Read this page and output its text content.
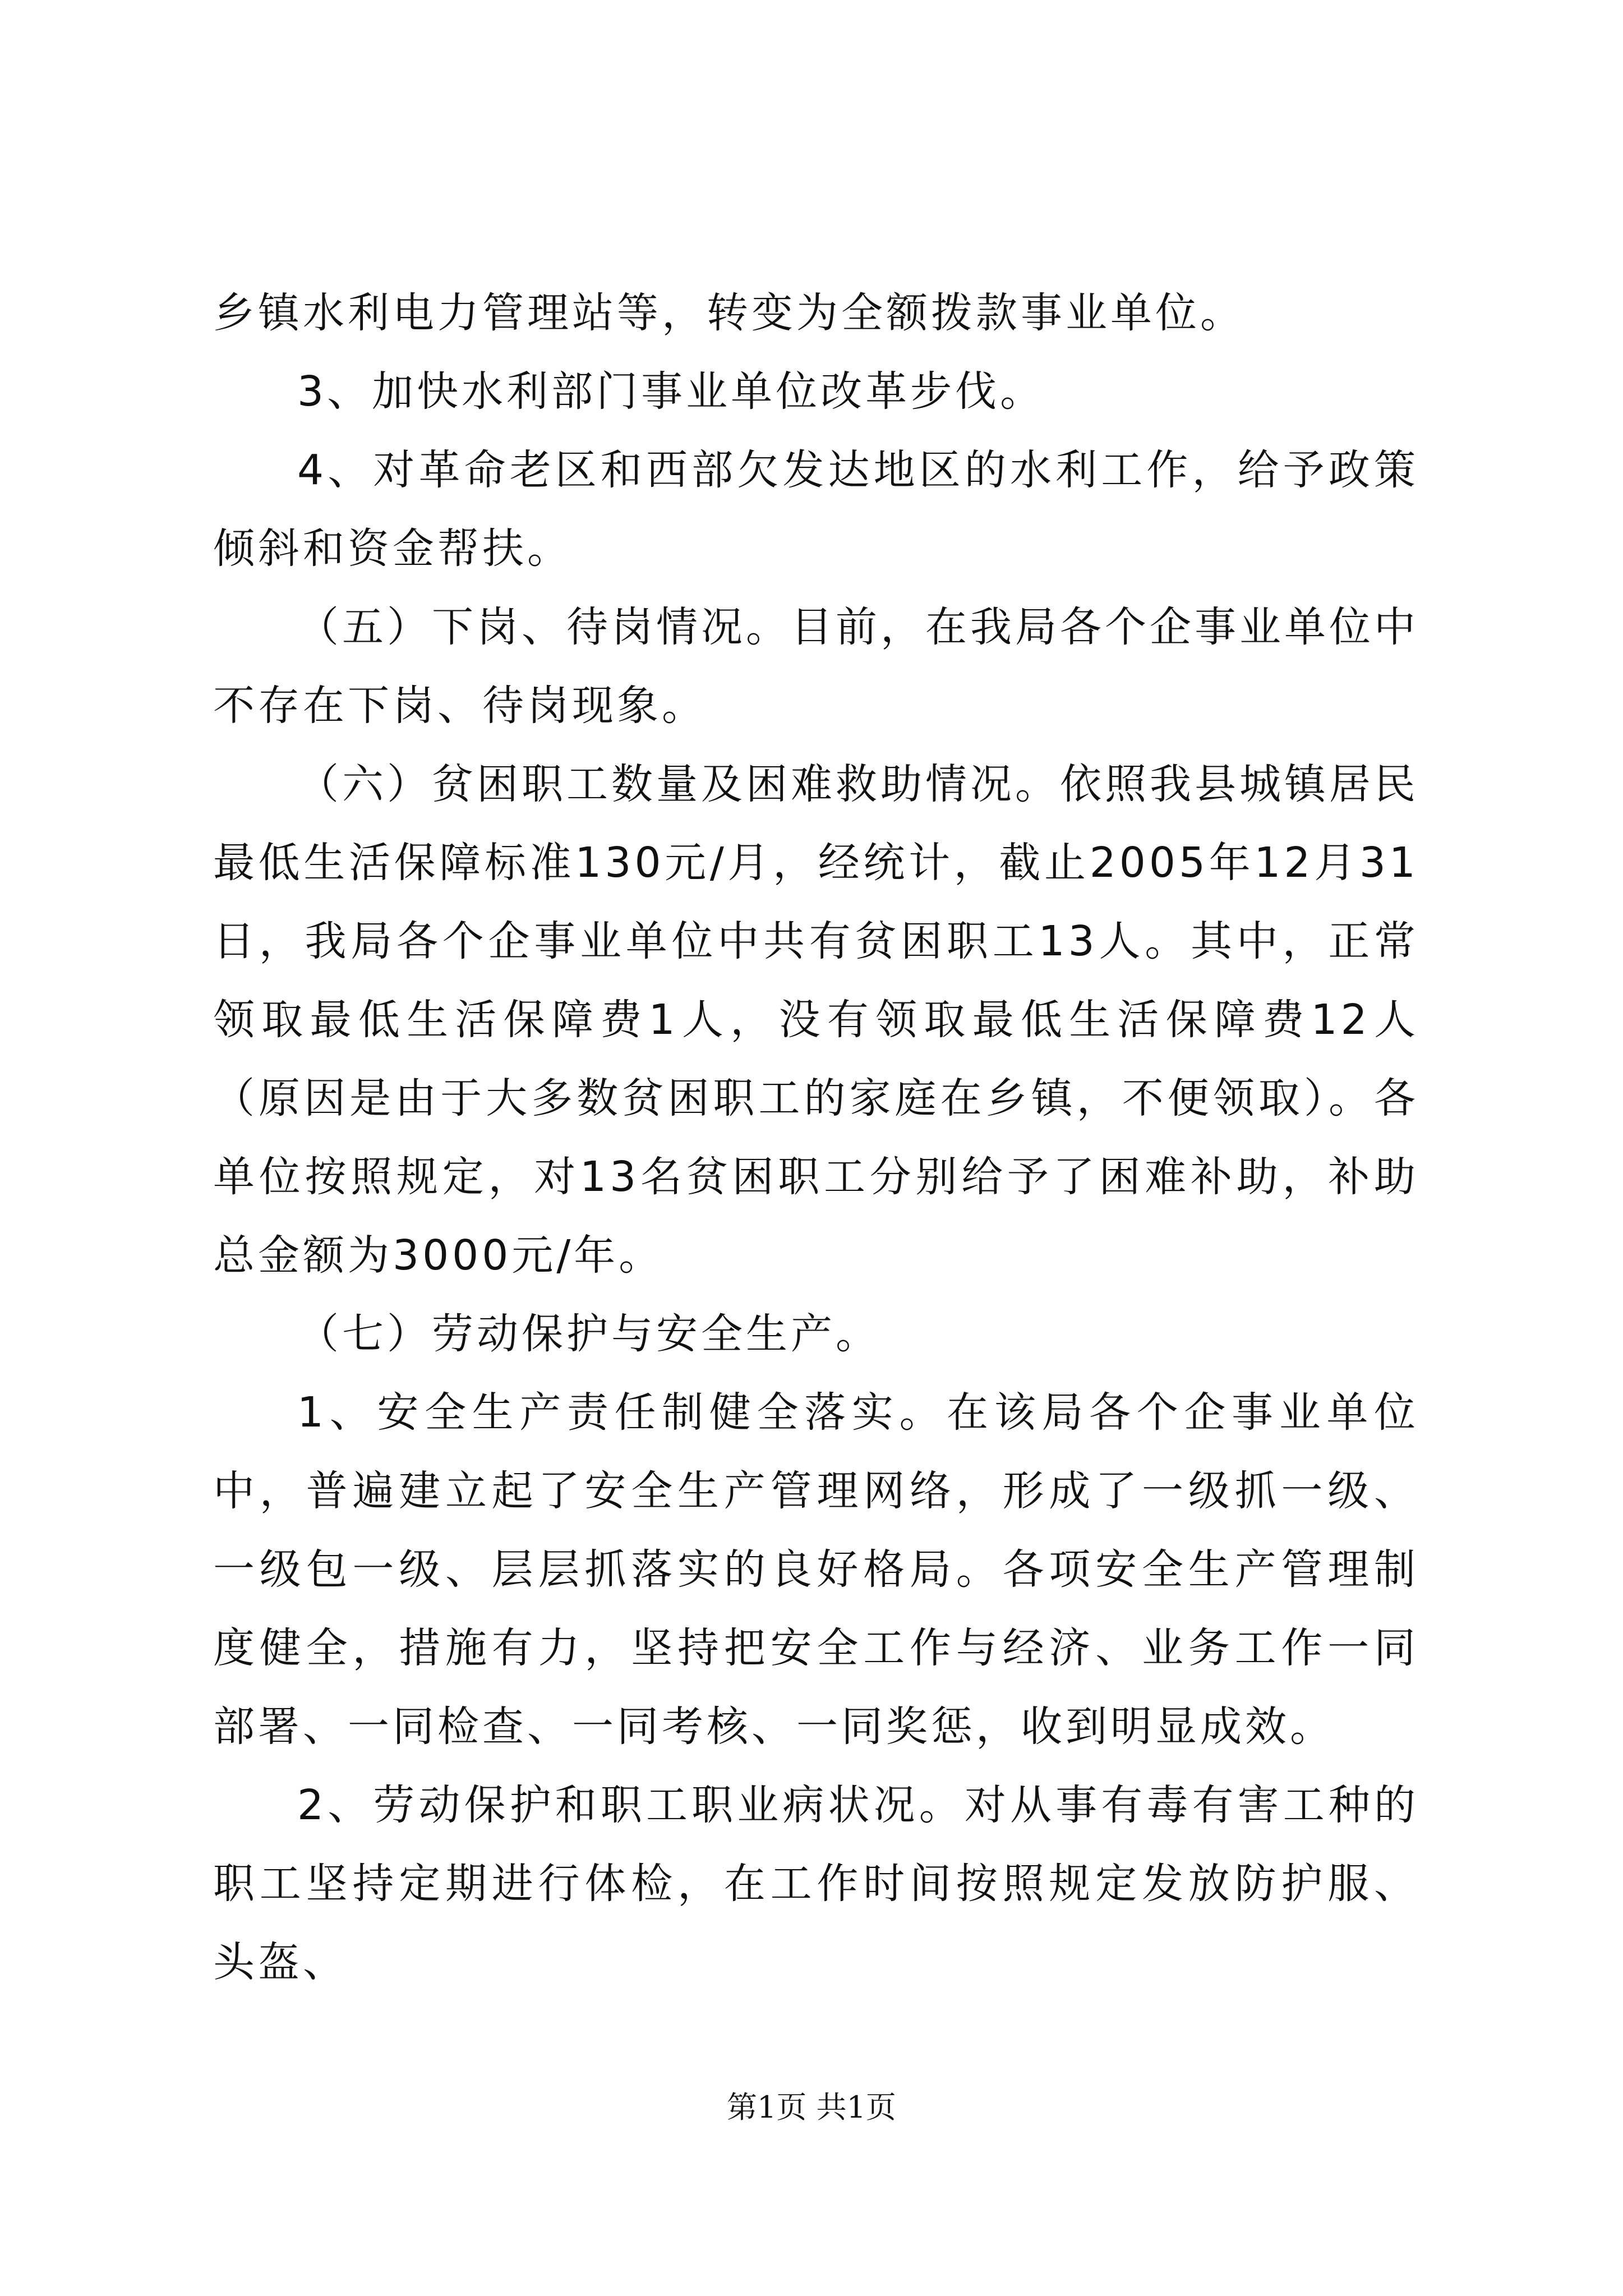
乡镇水利电力管理站等，转变为全额拨款事业单位。

3、加快水利部门事业单位改革步伐。

4、对革命老区和西部欠发达地区的水利工作，给予政策倾斜和资金帮扶。

（五）下岗、待岗情况。目前，在我局各个企事业单位中不存在下岗、待岗现象。

（六）贫困职工数量及困难救助情况。依照我县城镇居民最低生活保障标准130元/月，经统计，截止2005年12月31日，我局各个企事业单位中共有贫困职工13人。其中，正常领取最低生活保障费1人，没有领取最低生活保障费12人（原因是由于大多数贫困职工的家庭在乡镇，不便领取）。各单位按照规定，对13名贫困职工分别给予了困难补助，补助总金额为3000元/年。

（七）劳动保护与安全生产。

1、安全生产责任制健全落实。在该局各个企事业单位中，普遍建立起了安全生产管理网络，形成了一级抓一级、一级包一级、层层抓落实的良好格局。各项安全生产管理制度健全，措施有力，坚持把安全工作与经济、业务工作一同部署、一同检查、一同考核、一同奖惩，收到明显成效。

2、劳动保护和职工职业病状况。对从事有毒有害工种的职工坚持定期进行体检，在工作时间按照规定发放防护服、头盔、

第1页 共1页
